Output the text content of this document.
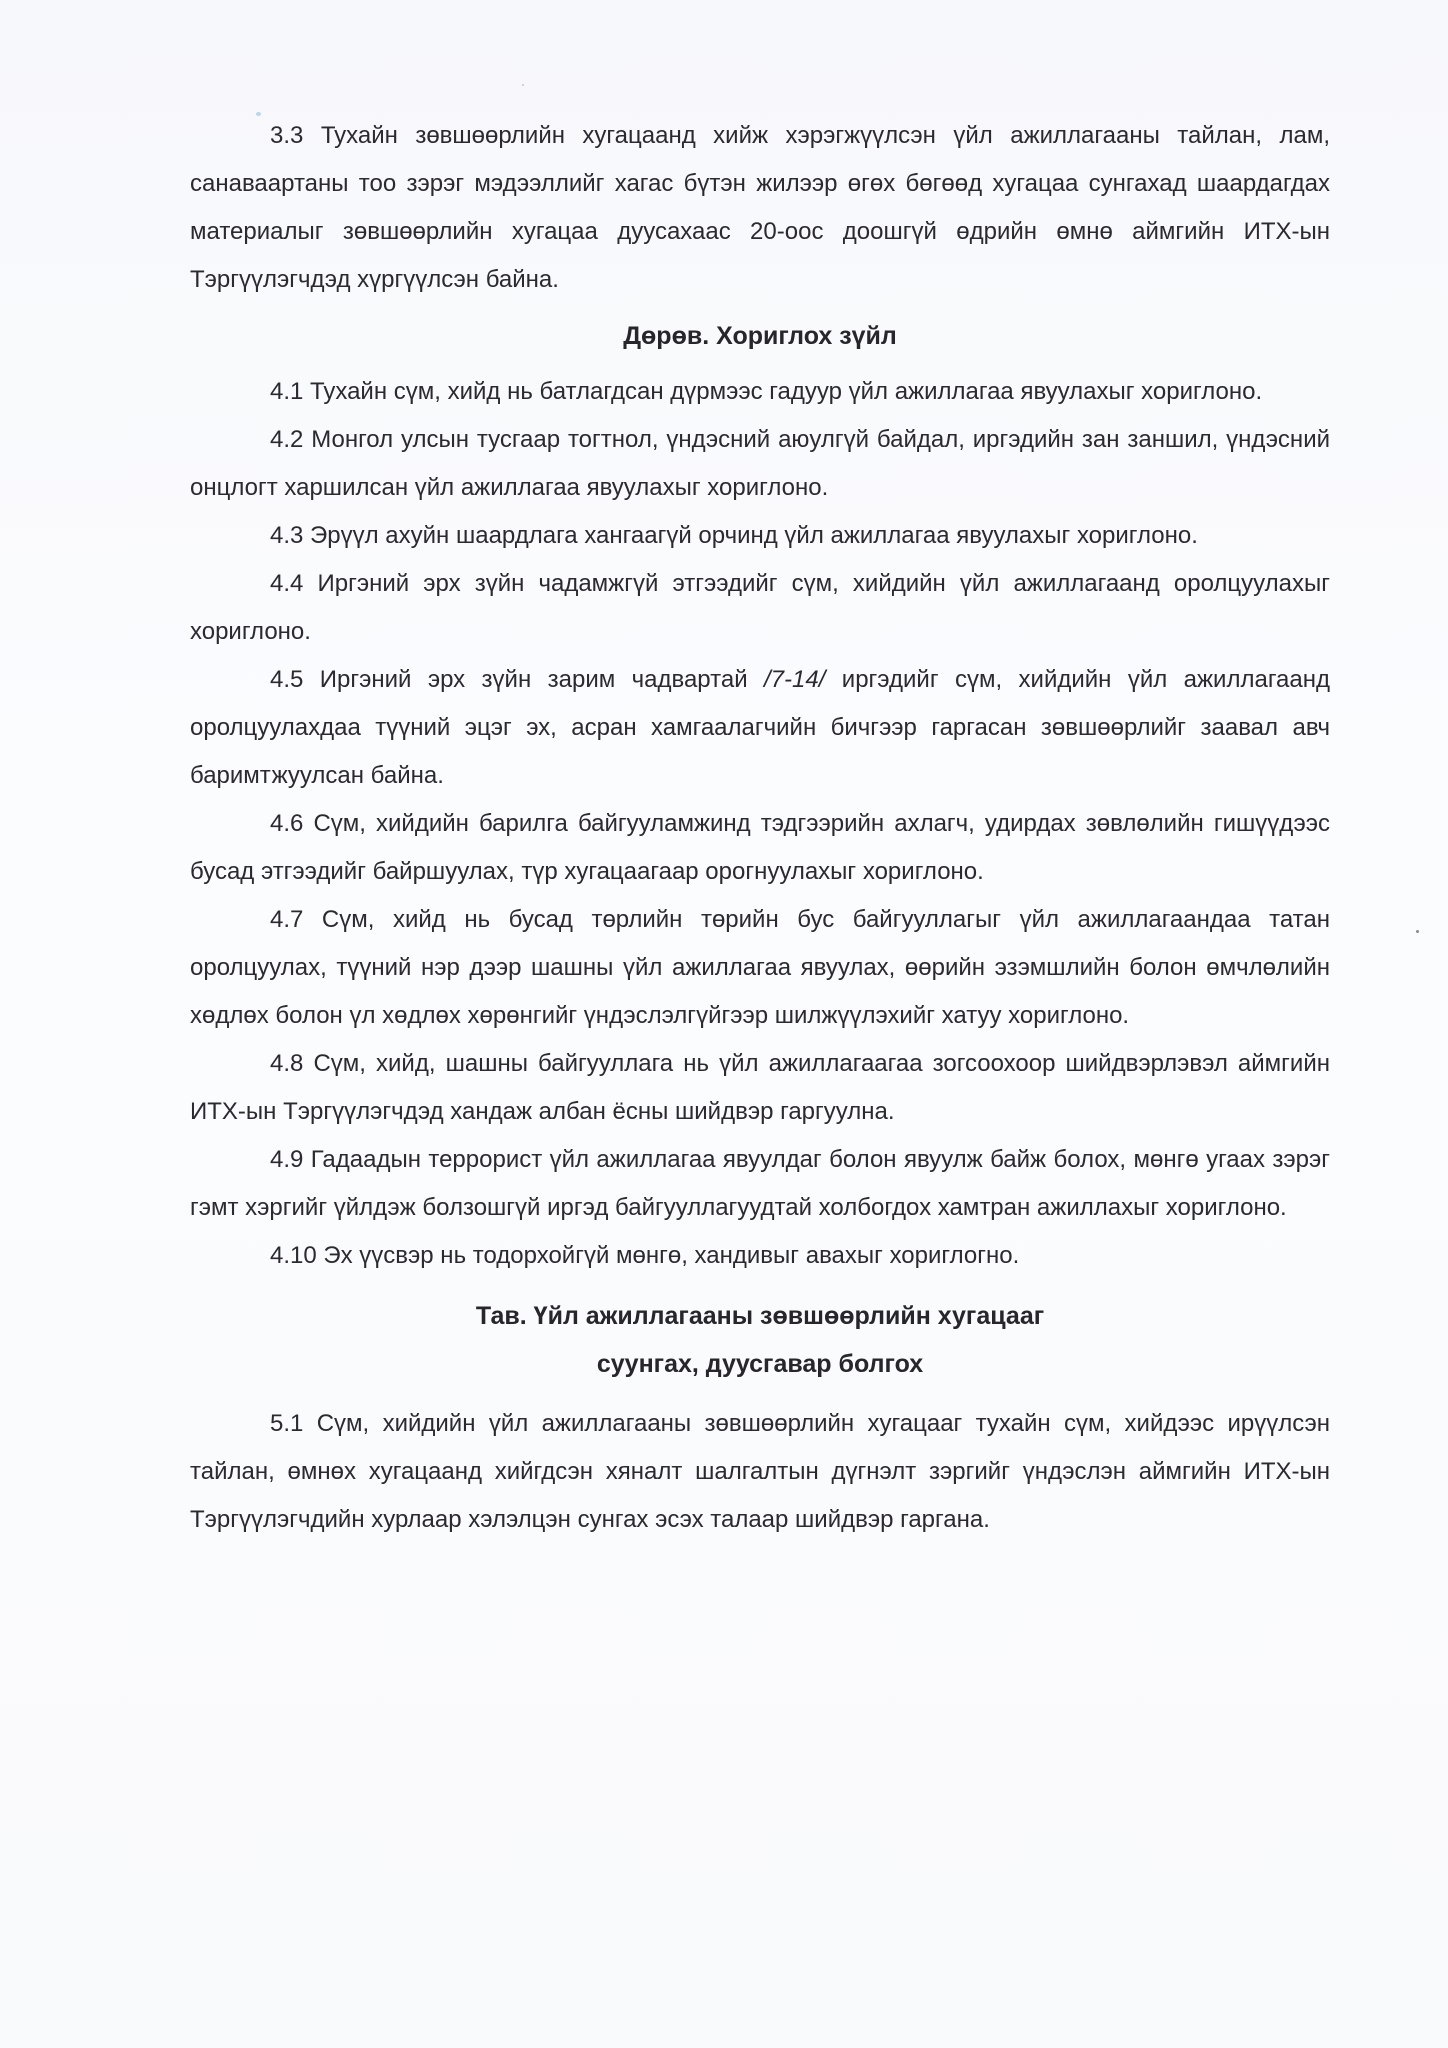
3.3 Тухайн зөвшөөрлийн хугацаанд хийж хэрэгжүүлсэн үйл ажиллагааны тайлан, лам, санаваартаны тоо зэрэг мэдээллийг хагас бүтэн жилээр өгөх бөгөөд хугацаа сунгахад шаардагдах материалыг зөвшөөрлийн хугацаа дуусахаас 20-оос доошгүй өдрийн өмнө аймгийн ИТХ-ын Тэргүүлэгчдэд хүргүүлсэн байна.

Дөрөв. Хориглох зүйл

4.1 Тухайн сүм, хийд нь батлагдсан дүрмээс гадуур үйл ажиллагаа явуулахыг хориглоно.

4.2 Монгол улсын тусгаар тогтнол, үндэсний аюулгүй байдал, иргэдийн зан заншил, үндэсний онцлогт харшилсан үйл ажиллагаа явуулахыг хориглоно.

4.3 Эрүүл ахуйн шаардлага хангаагүй орчинд үйл ажиллагаа явуулахыг хориглоно.

4.4 Иргэний эрх зүйн чадамжгүй этгээдийг сүм, хийдийн үйл ажиллагаанд оролцуулахыг хориглоно.

4.5 Иргэний эрх зүйн зарим чадвартай /7-14/ иргэдийг сүм, хийдийн үйл ажиллагаанд оролцуулахдаа түүний эцэг эх, асран хамгаалагчийн бичгээр гаргасан зөвшөөрлийг заавал авч баримтжуулсан байна.

4.6 Сүм, хийдийн барилга байгууламжинд тэдгээрийн ахлагч, удирдах зөвлөлийн гишүүдээс бусад этгээдийг байршуулах, түр хугацаагаар орогнуулахыг хориглоно.

4.7 Сүм, хийд нь бусад төрлийн төрийн бус байгууллагыг үйл ажиллагаандаа татан оролцуулах, түүний нэр дээр шашны үйл ажиллагаа явуулах, өөрийн эзэмшлийн болон өмчлөлийн хөдлөх болон үл хөдлөх хөрөнгийг үндэслэлгүйгээр шилжүүлэхийг хатуу хориглоно.

4.8 Сүм, хийд, шашны байгууллага нь үйл ажиллагаагаа зогсоохоор шийдвэрлэвэл аймгийн ИТХ-ын Тэргүүлэгчдэд хандаж албан ёсны шийдвэр гаргуулна.

4.9 Гадаадын террорист үйл ажиллагаа явуулдаг болон явуулж байж болох, мөнгө угаах зэрэг гэмт хэргийг үйлдэж болзошгүй иргэд байгууллагуудтай холбогдох хамтран ажиллахыг хориглоно.

4.10 Эх үүсвэр нь тодорхойгүй мөнгө, хандивыг авахыг хориглогно.

Тав. Үйл ажиллагааны зөвшөөрлийн хугацааг

суунгах, дуусгавар болгох

5.1 Сүм, хийдийн үйл ажиллагааны зөвшөөрлийн хугацааг тухайн сүм, хийдээс ирүүлсэн тайлан, өмнөх хугацаанд хийгдсэн хяналт шалгалтын дүгнэлт зэргийг үндэслэн аймгийн ИТХ-ын Тэргүүлэгчдийн хурлаар хэлэлцэн сунгах эсэх талаар шийдвэр гаргана.
